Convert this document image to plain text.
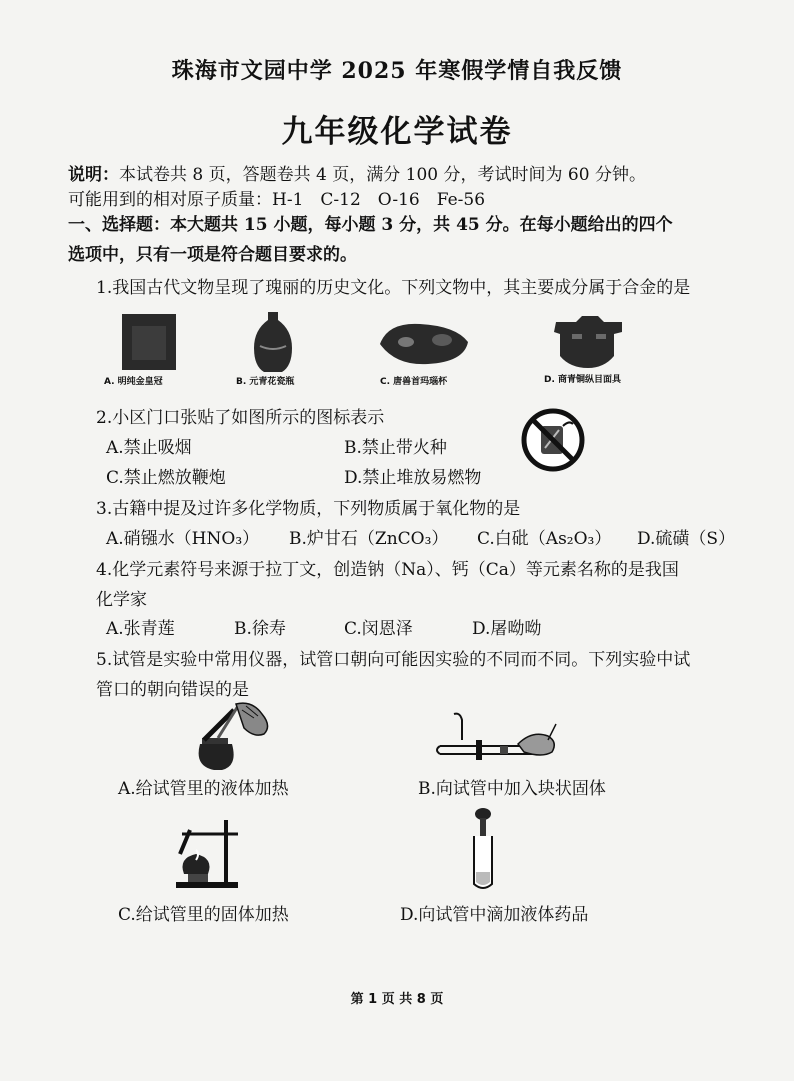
珠海市文园中学 2025 年寒假学情自我反馈
九年级化学试卷
说明：本试卷共 8 页，答题卷共 4 页，满分 100 分，考试时间为 60 分钟。
可能用到的相对原子质量：H-1　C-12　O-16　Fe-56
一、选择题：本大题共 15 小题，每小题 3 分，共 45 分。在每小题给出的四个
选项中，只有一项是符合题目要求的。
1.我国古代文物呈现了瑰丽的历史文化。下列文物中，其主要成分属于合金的是
A. 明纯金皇冠	B. 元青花瓷瓶	C. 唐兽首玛瑙杯	D. 商青铜纵目面具
2.小区门口张贴了如图所示的图标表示
A.禁止吸烟	B.禁止带火种
C.禁止燃放鞭炮	D.禁止堆放易燃物
3.古籍中提及过许多化学物质，下列物质属于氧化物的是
A.硝镪水（HNO₃） B.炉甘石（ZnCO₃） C.白砒（As₂O₃） D.硫磺（S）
4.化学元素符号来源于拉丁文，创造钠（Na）、钙（Ca）等元素名称的是我国
化学家
A.张青莲	B.徐寿	C.闵恩泽	D.屠呦呦
5.试管是实验中常用仪器，试管口朝向可能因实验的不同而不同。下列实验中试
管口的朝向错误的是
A.给试管里的液体加热	B.向试管中加入块状固体
C.给试管里的固体加热	D.向试管中滴加液体药品
第 1 页 共 8 页
